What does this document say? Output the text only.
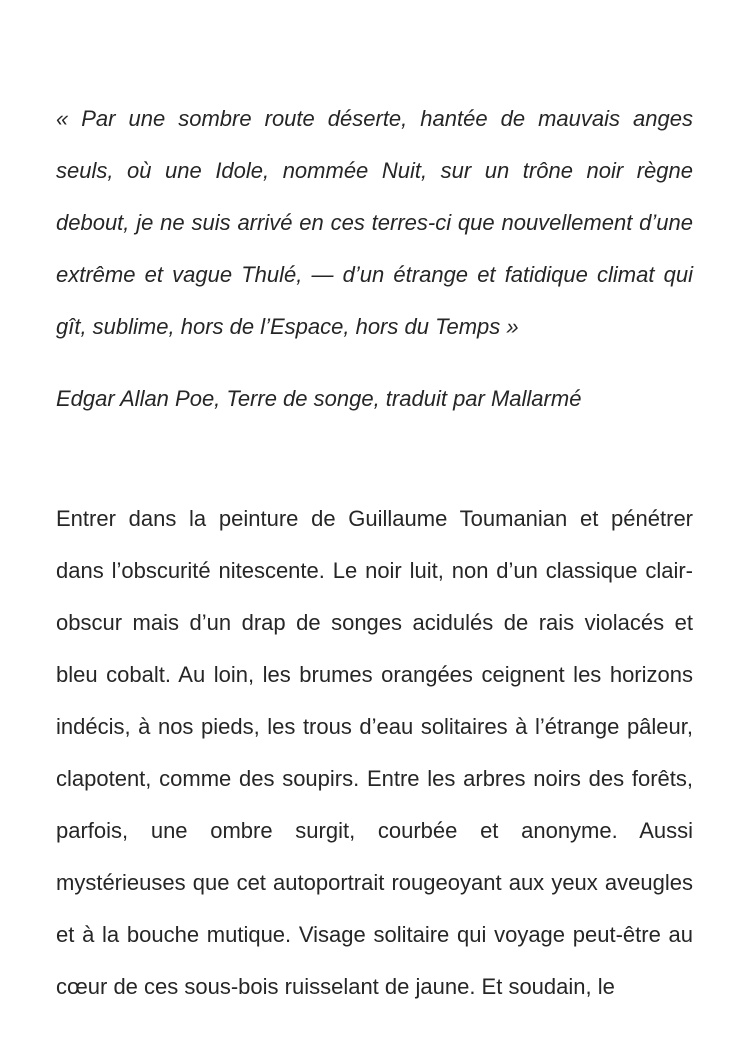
« Par une sombre route déserte, hantée de mauvais anges seuls, où une Idole, nommée Nuit, sur un trône noir règne debout, je ne suis arrivé en ces terres-ci que nouvellement d’une extrême et vague Thulé, — d’un étrange et fatidique climat qui gît, sublime, hors de l’Espace, hors du Temps »

Edgar Allan Poe, Terre de songe, traduit par Mallarmé

Entrer dans la peinture de Guillaume Toumanian et pénétrer dans l’obscurité nitescente. Le noir luit, non d’un classique clair-obscur mais d’un drap de songes acidulés de rais violacés et bleu cobalt. Au loin, les brumes orangées ceignent les horizons indécis, à nos pieds, les trous d’eau solitaires à l’étrange pâleur, clapotent, comme des soupirs. Entre les arbres noirs des forêts, parfois, une ombre surgit, courbée et anonyme. Aussi mystérieuses que cet autoportrait rougeoyant aux yeux aveugles et à la bouche mutique. Visage solitaire qui voyage peut-être au cœur de ces sous-bois ruisselant de jaune. Et soudain, le
